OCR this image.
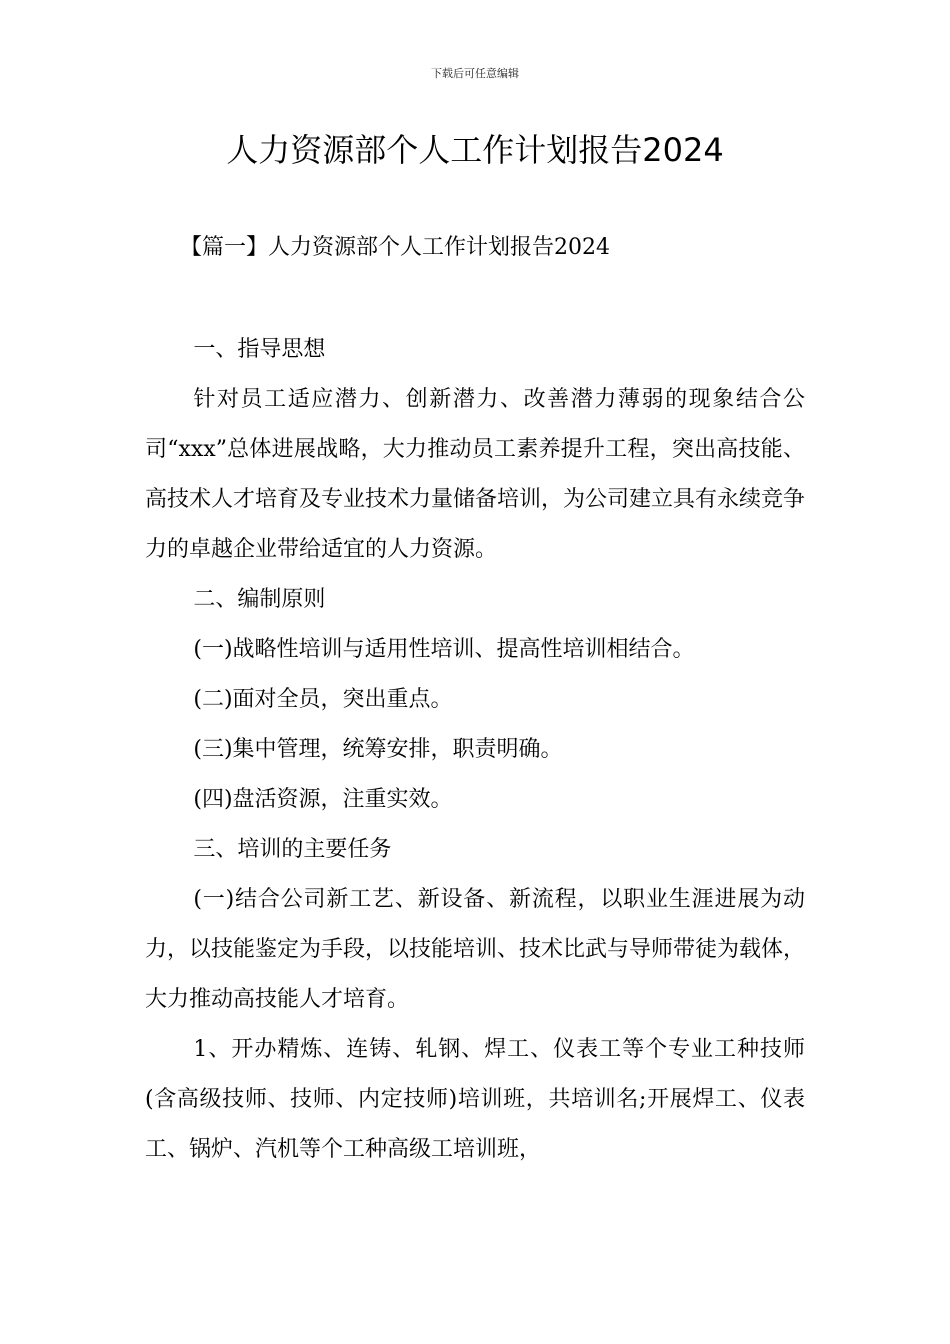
下载后可任意编辑
人力资源部个人工作计划报告2024
【篇一】人力资源部个人工作计划报告2024

一、指导思想

针对员工适应潜力、创新潜力、改善潜力薄弱的现象结合公司“xxx”总体进展战略，大力推动员工素养提升工程，突出高技能、高技术人才培育及专业技术力量储备培训，为公司建立具有永续竞争力的卓越企业带给适宜的人力资源。

二、编制原则

(一)战略性培训与适用性培训、提高性培训相结合。

(二)面对全员，突出重点。

(三)集中管理，统筹安排，职责明确。

(四)盘活资源，注重实效。

三、培训的主要任务

(一)结合公司新工艺、新设备、新流程，以职业生涯进展为动力，以技能鉴定为手段，以技能培训、技术比武与导师带徒为载体，大力推动高技能人才培育。

1、开办精炼、连铸、轧钢、焊工、仪表工等个专业工种技师(含高级技师、技师、内定技师)培训班，共培训名;开展焊工、仪表工、锅炉、汽机等个工种高级工培训班，
